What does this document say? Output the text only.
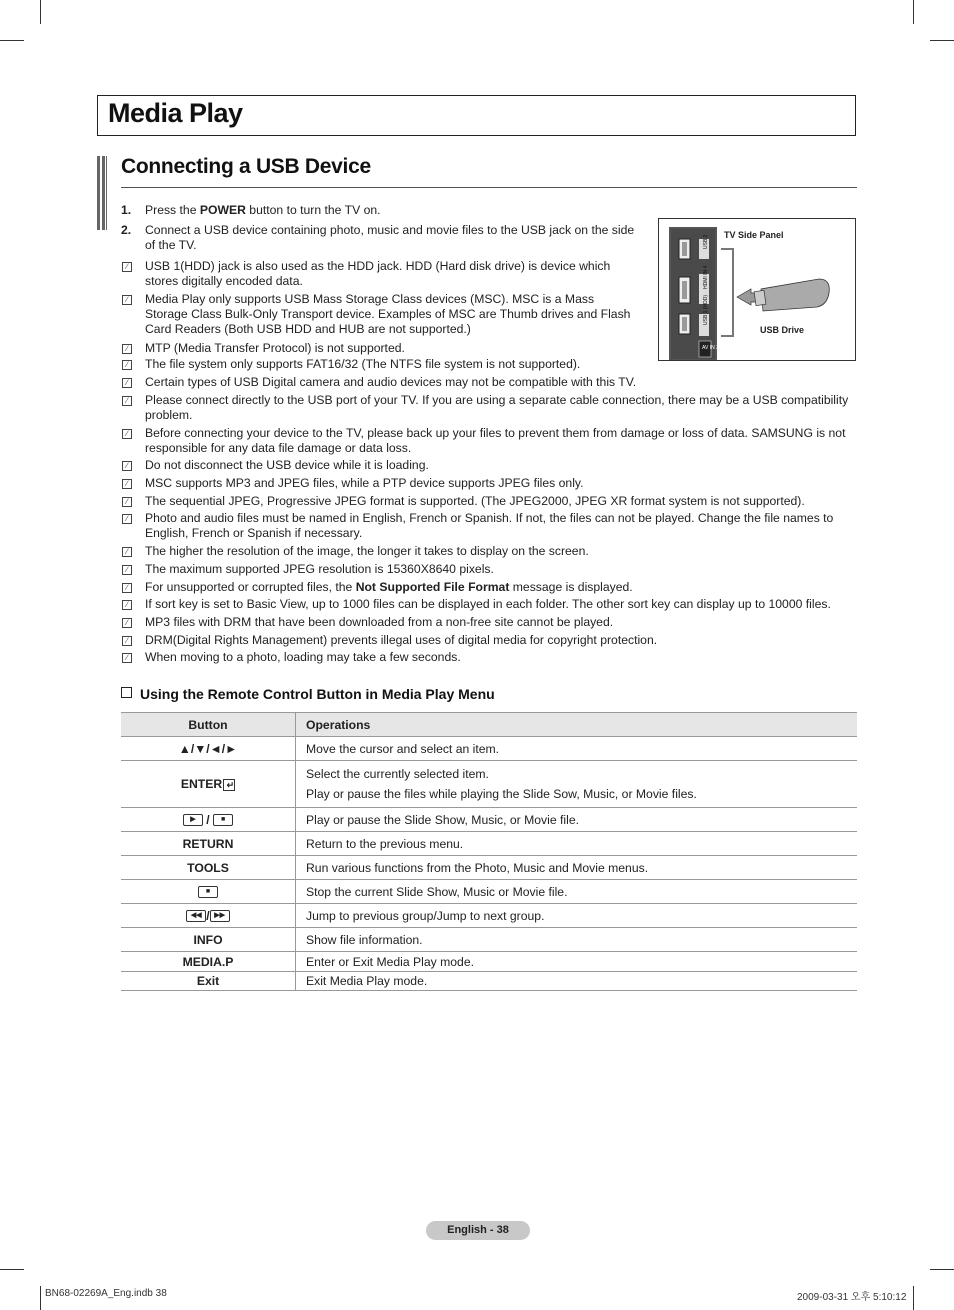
Media Play
Connecting a USB Device
1. Press the POWER button to turn the TV on.
2. Connect a USB device containing photo, music and movie files to the USB jack on the side of the TV.
∕	USB 1(HDD) jack is also used as the HDD jack. HDD (Hard disk drive) is device which stores digitally encoded data.
∕	Media Play only supports USB Mass Storage Class devices (MSC). MSC is a Mass Storage Class Bulk-Only Transport device. Examples of MSC are Thumb drives and Flash Card Readers (Both USB HDD and HUB are not supported.)
∕	MTP (Media Transfer Protocol) is not supported.
∕	The file system only supports FAT16/32 (The NTFS file system is not supported).
∕	Certain types of USB Digital camera and audio devices may not be compatible with this TV.
∕	Please connect directly to the USB port of your TV. If you are using a separate cable connection, there may be a USB compatibility problem.
∕	Before connecting your device to the TV, please back up your files to prevent them from damage or loss of data. SAMSUNG is not responsible for any data file damage or data loss.
∕	Do not disconnect the USB device while it is loading.
∕	MSC supports MP3 and JPEG files, while a PTP device supports JPEG files only.
∕	The sequential JPEG, Progressive JPEG format is supported. (The JPEG2000, JPEG XR format system is not supported).
∕	Photo and audio files must be named in English, French or Spanish. If not, the files can not be played. Change the file names to English, French or Spanish if necessary.
∕	The higher the resolution of the image, the longer it takes to display on the screen.
∕	The maximum supported JPEG resolution is 15360X8640 pixels.
∕	For unsupported or corrupted files, the Not Supported File Format message is displayed.
∕	If sort key is set to Basic View, up to 1000 files can be displayed in each folder. The other sort key can display up to 10000 files.
∕	MP3 files with DRM that have been downloaded from a non-free site cannot be played.
∕	DRM(Digital Rights Management) prevents illegal uses of digital media for copyright protection.
∕	When moving to a photo, loading may take a few seconds.
USB 2
HDMI IN 4
USB 1 (HDD)
AV IN 2
TV Side Panel
USB Drive
Using the Remote Control Button in Media Play Menu
Button	Operations
▲/▼/◄/►	Move the cursor and select an item.

ENTER ↵	Select the currently selected item.
Play or pause the files while playing the Slide Sow, Music, or Movie files.

▶ / ■	Play or pause the Slide Show, Music, or Movie file.

RETURN	Return to the previous menu.

TOOLS	Run various functions from the Photo, Music and Movie menus.

■	Stop the current Slide Show, Music or Movie file.

◀◀ / ▶▶	Jump to previous group/Jump to next group.

INFO	Show file information.

MEDIA.P	Enter or Exit Media Play mode.

Exit	Exit Media Play mode.
English - 38
BN68-02269A_Eng.indb 38	2009-03-31 오후 5:10:12
